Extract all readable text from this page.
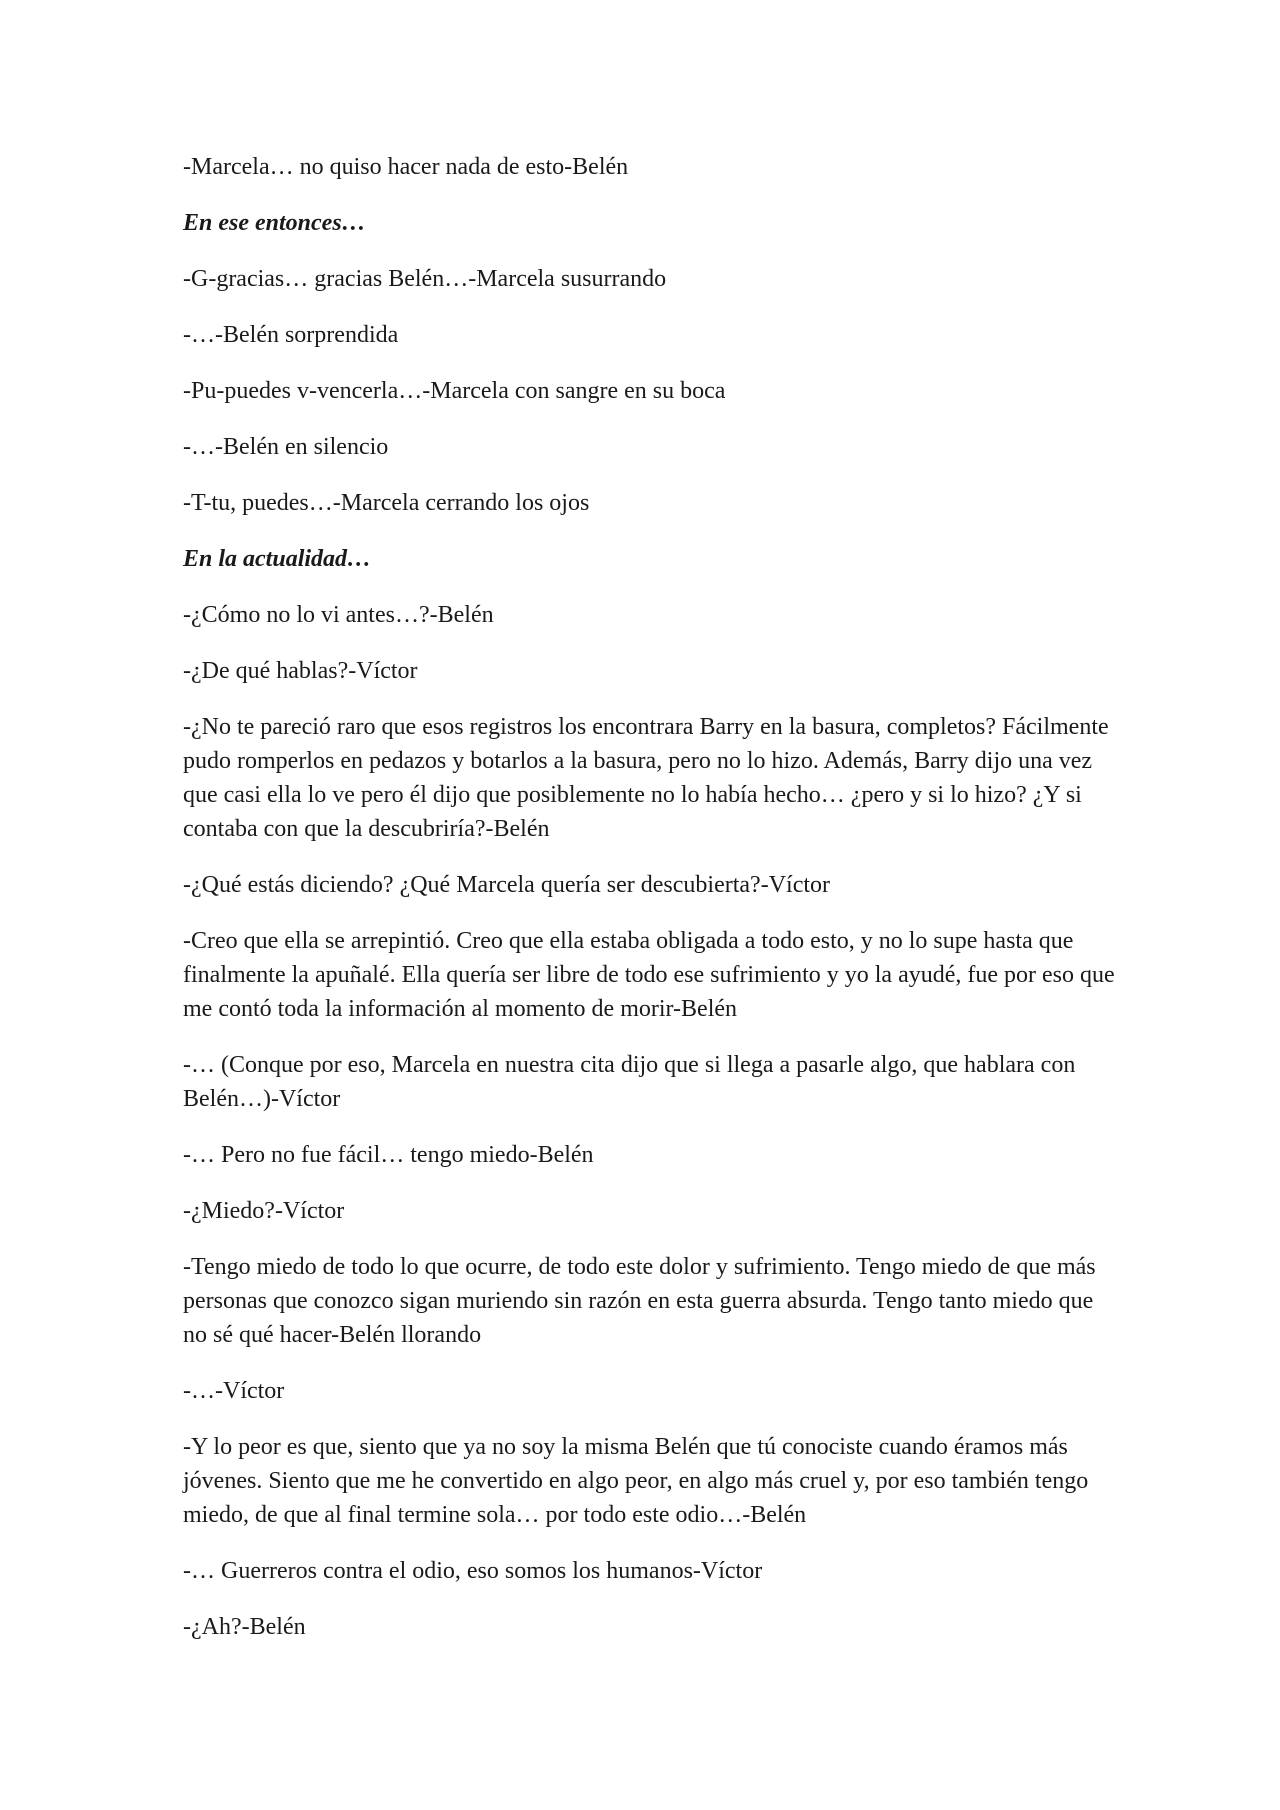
-Marcela… no quiso hacer nada de esto-Belén

En ese entonces…

-G-gracias… gracias Belén…-Marcela susurrando

-…-Belén sorprendida

-Pu-puedes v-vencerla…-Marcela con sangre en su boca

-…-Belén en silencio

-T-tu, puedes…-Marcela cerrando los ojos

En la actualidad…

-¿Cómo no lo vi antes…?-Belén

-¿De qué hablas?-Víctor

-¿No te pareció raro que esos registros los encontrara Barry en la basura, completos? Fácilmente pudo romperlos en pedazos y botarlos a la basura, pero no lo hizo. Además, Barry dijo una vez que casi ella lo ve pero él dijo que posiblemente no lo había hecho… ¿pero y si lo hizo? ¿Y si contaba con que la descubriría?-Belén

-¿Qué estás diciendo? ¿Qué Marcela quería ser descubierta?-Víctor

-Creo que ella se arrepintió. Creo que ella estaba obligada a todo esto, y no lo supe hasta que finalmente la apuñalé. Ella quería ser libre de todo ese sufrimiento y yo la ayudé, fue por eso que me contó toda la información al momento de morir-Belén

-… (Conque por eso, Marcela en nuestra cita dijo que si llega a pasarle algo, que hablara con Belén…)-Víctor

-… Pero no fue fácil… tengo miedo-Belén

-¿Miedo?-Víctor

-Tengo miedo de todo lo que ocurre, de todo este dolor y sufrimiento. Tengo miedo de que más personas que conozco sigan muriendo sin razón en esta guerra absurda. Tengo tanto miedo que no sé qué hacer-Belén llorando

-…-Víctor

-Y lo peor es que, siento que ya no soy la misma Belén que tú conociste cuando éramos más jóvenes. Siento que me he convertido en algo peor, en algo más cruel y, por eso también tengo miedo, de que al final termine sola… por todo este odio…-Belén

-… Guerreros contra el odio, eso somos los humanos-Víctor

-¿Ah?-Belén
